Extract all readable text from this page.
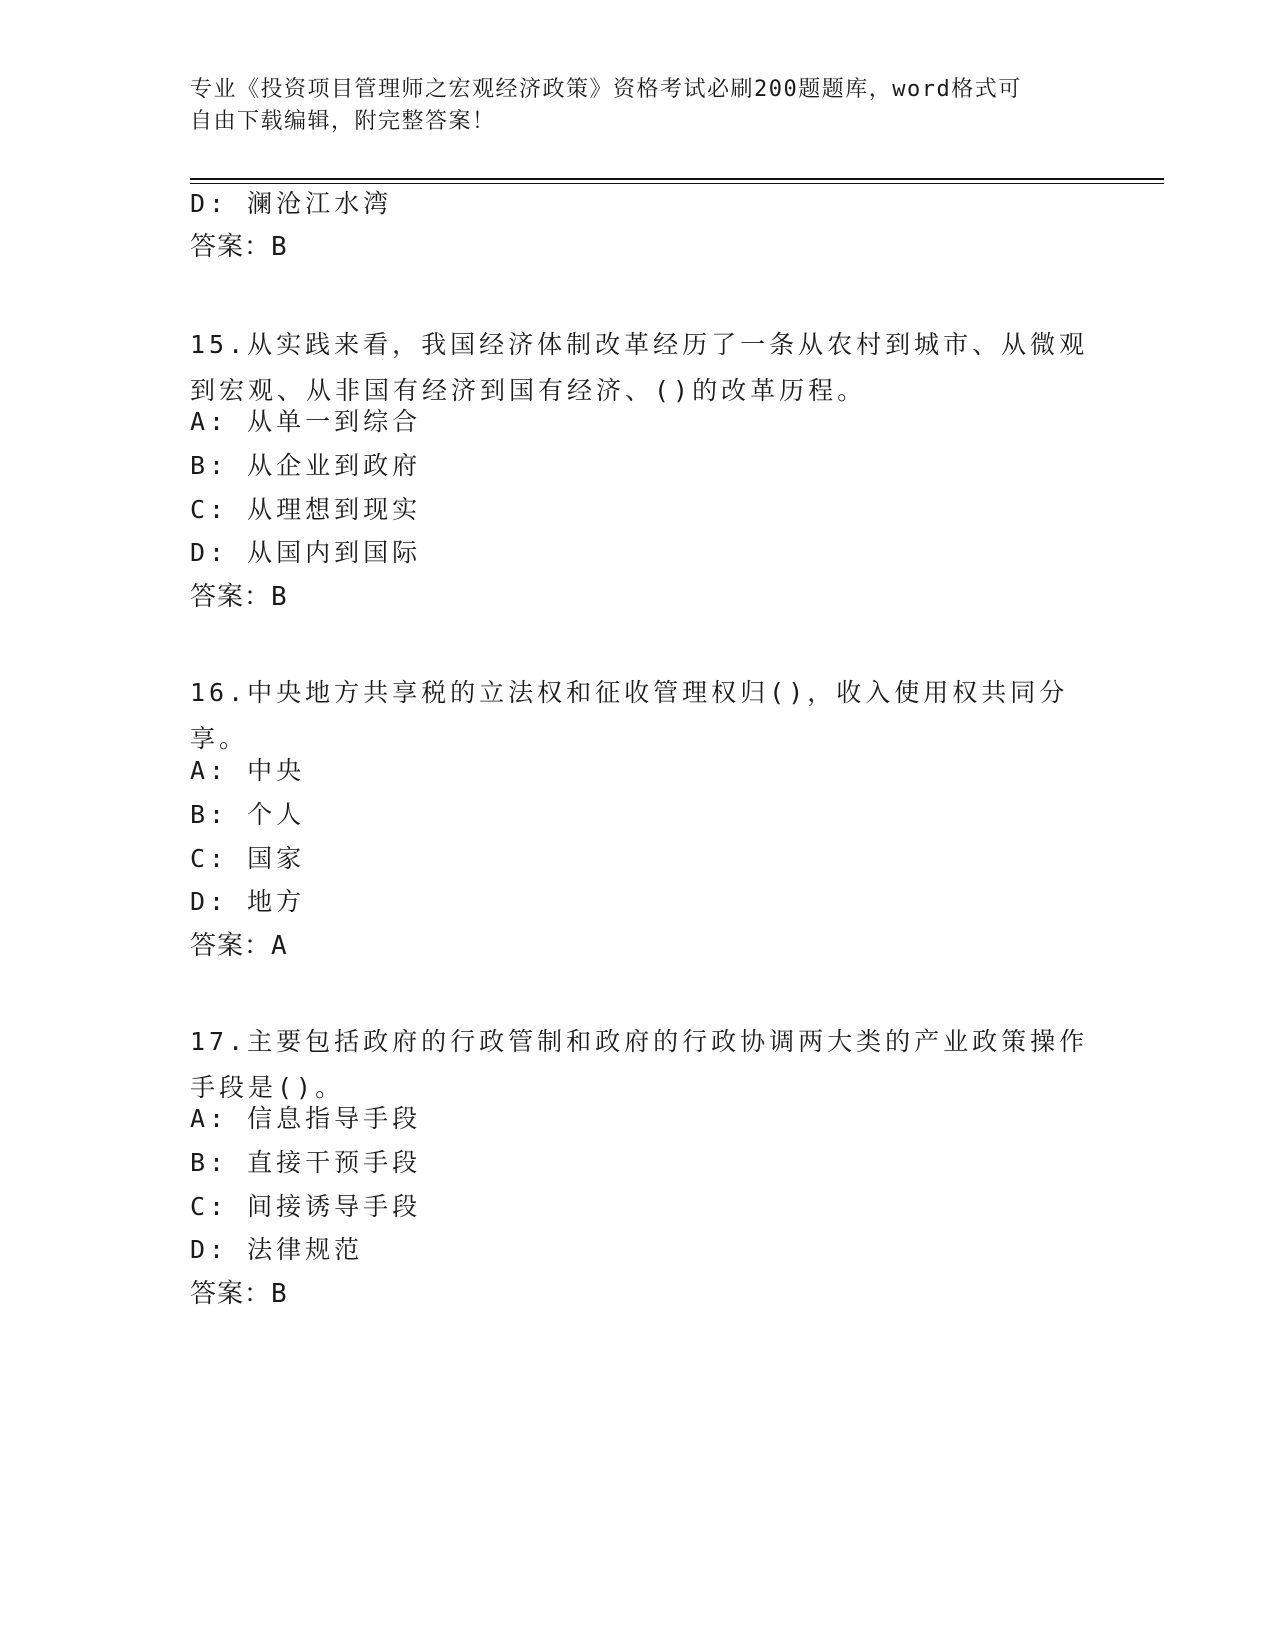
专业《投资项目管理师之宏观经济政策》资格考试必刷200题题库，word格式可
自由下载编辑，附完整答案！
D: 澜沧江水湾
答案：B
15.从实践来看，我国经济体制改革经历了一条从农村到城市、从微观到宏观、从非国有经济到国有经济、()的改革历程。
A: 从单一到综合
B: 从企业到政府
C: 从理想到现实
D: 从国内到国际
答案：B
16.中央地方共享税的立法权和征收管理权归()，收入使用权共同分享。
A: 中央
B: 个人
C: 国家
D: 地方
答案：A
17.主要包括政府的行政管制和政府的行政协调两大类的产业政策操作手段是()。
A: 信息指导手段
B: 直接干预手段
C: 间接诱导手段
D: 法律规范
答案：B
